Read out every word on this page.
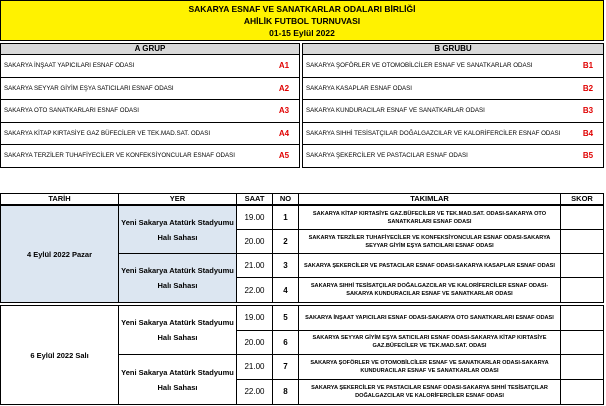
SAKARYA ESNAF VE SANATKARLAR ODALARI BİRLİĞİ
AHİLİK FUTBOL TURNUVASI
01-15 Eylül 2022
A GRUP
SAKARYA İNŞAAT YAPICILARI ESNAF ODASI	A1
SAKARYA SEYYAR GİYİM EŞYA SATICILARI ESNAF ODASI	A2
SAKARYA OTO SANATKARLARI ESNAF ODASI	A3
SAKARYA KİTAP KIRTASİYE GAZ BÜFECİLER VE TEK.MAD.SAT. ODASI	A4
SAKARYA TERZİLER TUHAFİYECİLER VE KONFEKSİYONCULAR ESNAF ODASI	A5
B GRUBU
SAKARYA ŞOFÖRLER VE OTOMOBİLCİLER ESNAF VE SANATKARLAR ODASI	B1
SAKARYA KASAPLAR ESNAF ODASI	B2
SAKARYA KUNDURACILAR ESNAF VE SANATKARLAR ODASI	B3
SAKARYA SIHHİ TESİSATÇILAR DOĞALGAZCILAR VE KALORİFERCİLER ESNAF ODASI	B4
SAKARYA ŞEKERCİLER VE PASTACILAR ESNAF ODASI	B5
TARİH	YER	SAAT	NO	TAKIMLAR	SKOR
4 Eylül 2022 Pazar
Yeni Sakarya Atatürk Stadyumu Halı Sahası
Yeni Sakarya Atatürk Stadyumu Halı Sahası
19.00	1	SAKARYA KİTAP KIRTASİYE GAZ.BÜFECİLER VE TEK.MAD.SAT. ODASI-SAKARYA OTO SANATKARLARI ESNAF ODASI
20.00	2	SAKARYA TERZİLER TUHAFİYECİLER VE KONFEKSİYONCULAR ESNAF ODASI-SAKARYA SEYYAR GİYİM EŞYA SATICILARI ESNAF ODASI
21.00	3	SAKARYA ŞEKERCİLER VE PASTACILAR ESNAF ODASI-SAKARYA KASAPLAR ESNAF ODASI
22.00	4	SAKARYA SIHHİ TESİSATÇILAR DOĞALGAZCILAR VE KALORİFERCİLER ESNAF ODASI-SAKARYA KUNDURACILAR ESNAF VE SANATKARLAR ODASI
6 Eylül 2022 Salı
Yeni Sakarya Atatürk Stadyumu Halı Sahası
Yeni Sakarya Atatürk Stadyumu Halı Sahası
19.00	5	SAKARYA İNŞAAT YAPICILARI ESNAF ODASI-SAKARYA OTO SANATKARLARI ESNAF ODASI
20.00	6	SAKARYA SEYYAR GİYİM EŞYA SATICILARI ESNAF ODASI-SAKARYA KİTAP KIRTASİYE GAZ.BÜFECİLER VE TEK.MAD.SAT. ODASI
21.00	7	SAKARYA ŞOFÖRLER VE OTOMOBİLCİLER ESNAF VE SANATKARLAR ODASI-SAKARYA KUNDURACILAR ESNAF VE SANATKARLAR ODASI
22.00	8	SAKARYA ŞEKERCİLER VE PASTACILAR ESNAF ODASI-SAKARYA SIHHİ TESİSATÇILAR DOĞALGAZCILAR VE KALORİFERCİLER ESNAF ODASI
